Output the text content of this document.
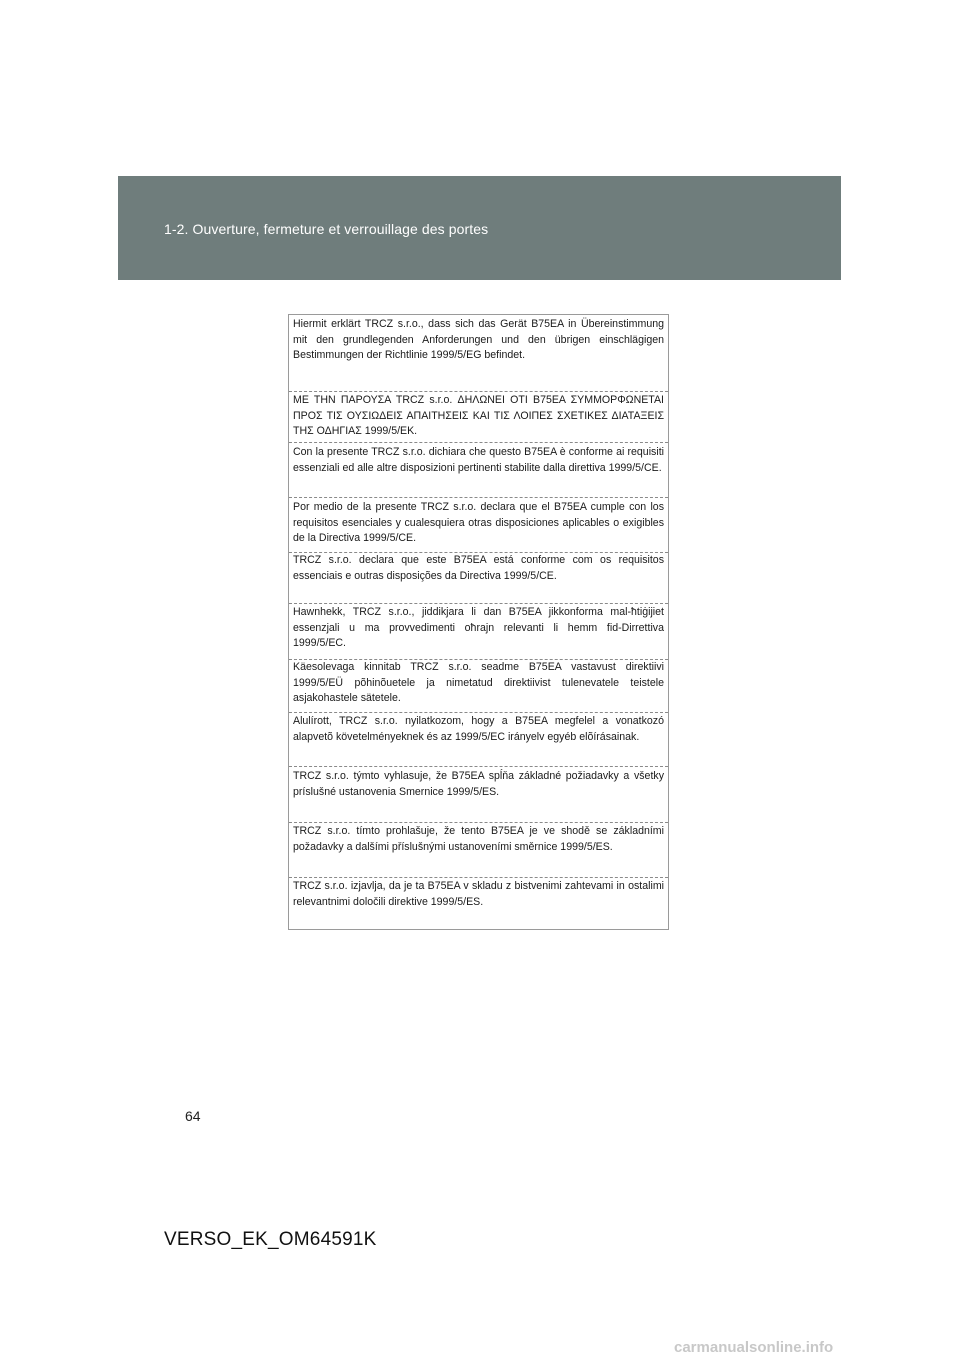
1-2. Ouverture, fermeture et verrouillage des portes
Hiermit erklärt TRCZ s.r.o., dass sich das Gerät B75EA in Übereinstimmung mit den grundlegenden Anforderungen und den übrigen einschlägigen Bestimmungen der Richtlinie 1999/5/EG befindet.
ΜΕ ΤΗΝ ΠΑΡΟΥΣΑ TRCZ s.r.o. ΔΗΛΩΝΕΙ ΟΤΙ B75EA ΣΥΜΜΟΡΦΩΝΕΤΑΙ ΠΡΟΣ ΤΙΣ ΟΥΣΙΩΔΕΙΣ ΑΠΑΙΤΗΣΕΙΣ ΚΑΙ ΤΙΣ ΛΟΙΠΕΣ ΣΧΕΤΙΚΕΣ ΔΙΑΤΑΞΕΙΣ ΤΗΣ ΟΔΗΓΙΑΣ 1999/5/ΕΚ.
Con la presente TRCZ s.r.o. dichiara che questo B75EA è conforme ai requisiti essenziali ed alle altre disposizioni pertinenti stabilite dalla direttiva 1999/5/CE.
Por medio de la presente TRCZ s.r.o. declara que el B75EA cumple con los requisitos esenciales y cualesquiera otras disposiciones aplicables o exigibles de la Directiva 1999/5/CE.
TRCZ s.r.o. declara que este B75EA está conforme com os requisitos essenciais e outras disposições da Directiva 1999/5/CE.
Hawnhekk, TRCZ s.r.o., jiddikjara li dan B75EA jikkonforma mal-ħtiġijiet essenzjali u ma provvedimenti oħrajn relevanti li hemm fid-Dirrettiva 1999/5/EC.
Käesolevaga kinnitab TRCZ s.r.o. seadme B75EA vastavust direktiivi 1999/5/EÜ põhinõuetele ja nimetatud direktiivist tulenevatele teistele asjakohastele sätetele.
Alulírott, TRCZ s.r.o. nyilatkozom, hogy a B75EA megfelel a vonatkozó alapvetõ követelményeknek és az 1999/5/EC irányelv egyéb elõírásainak.
TRCZ s.r.o. týmto vyhlasuje, že B75EA spĺňa základné požiadavky a všetky príslušné ustanovenia Smernice 1999/5/ES.
TRCZ s.r.o. tímto prohlašuje, že tento B75EA je ve shodě se základními požadavky a dalšími příslušnými ustanoveními směrnice 1999/5/ES.
TRCZ s.r.o. izjavlja, da je ta B75EA v skladu z bistvenimi zahtevami in ostalimi relevantnimi določili direktive 1999/5/ES.
64
VERSO_EK_OM64591K
carmanualsonline.info
